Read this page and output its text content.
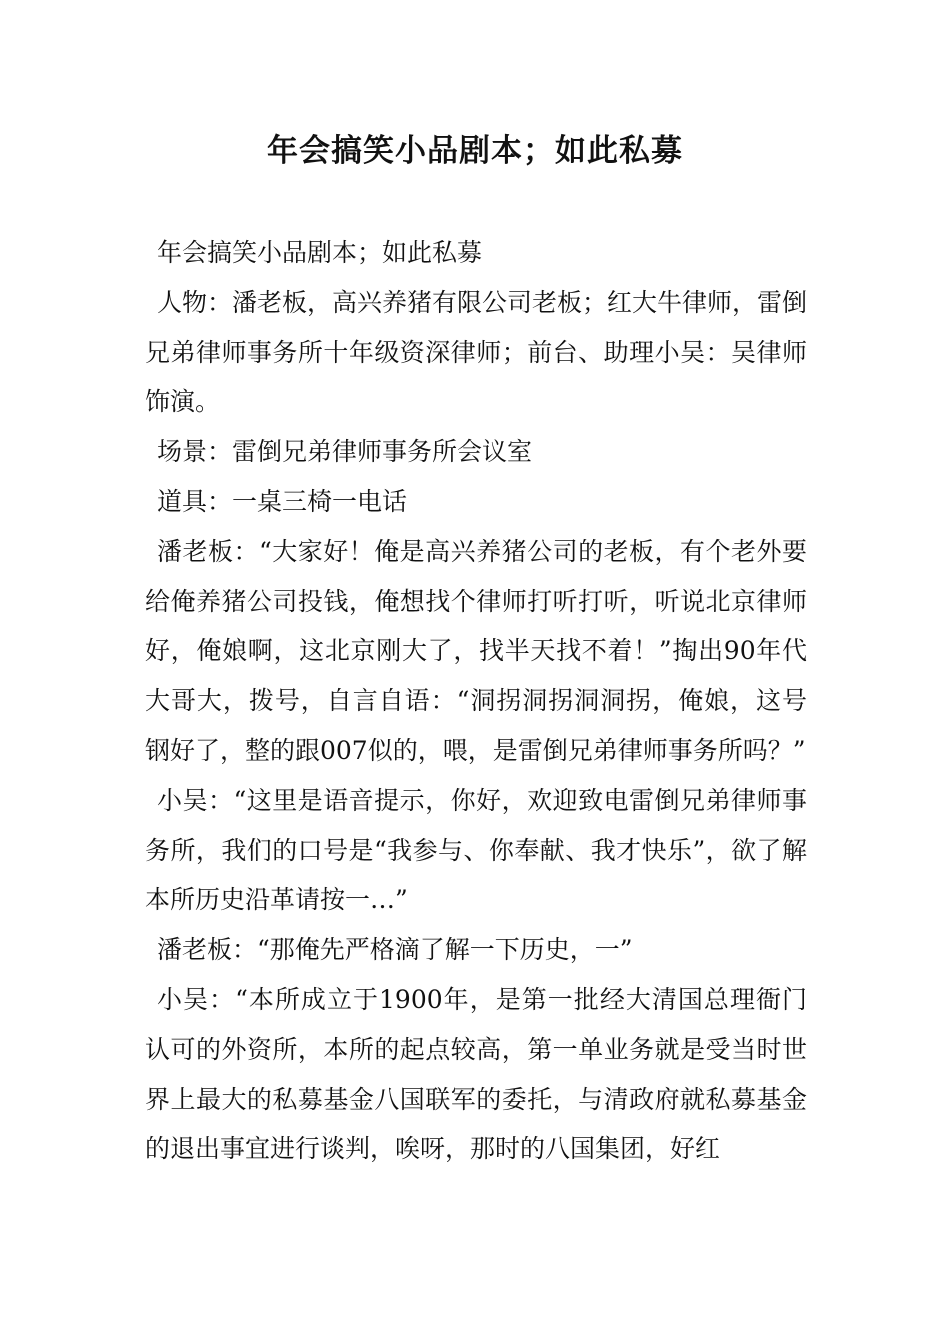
年会搞笑小品剧本；如此私募

年会搞笑小品剧本；如此私募

人物：潘老板，高兴养猪有限公司老板；红大牛律师，雷倒兄弟律师事务所十年级资深律师；前台、助理小吴：吴律师饰演。

场景：雷倒兄弟律师事务所会议室

道具：一桌三椅一电话

潘老板：“大家好！俺是高兴养猪公司的老板，有个老外要给俺养猪公司投钱，俺想找个律师打听打听，听说北京律师好，俺娘啊，这北京刚大了，找半天找不着！”掏出90年代大哥大，拨号，自言自语：“洞拐洞拐洞洞拐，俺娘，这号钢好了，整的跟007似的，喂，是雷倒兄弟律师事务所吗？”

小吴：“这里是语音提示，你好，欢迎致电雷倒兄弟律师事务所，我们的口号是“我参与、你奉献、我才快乐”，欲了解本所历史沿革请按一…”

潘老板：“那俺先严格滴了解一下历史，一”

小吴：“本所成立于1900年，是第一批经大清国总理衙门认可的外资所，本所的起点较高，第一单业务就是受当时世界上最大的私募基金八国联军的委托，与清政府就私募基金的退出事宜进行谈判，唉呀，那时的八国集团，好红
